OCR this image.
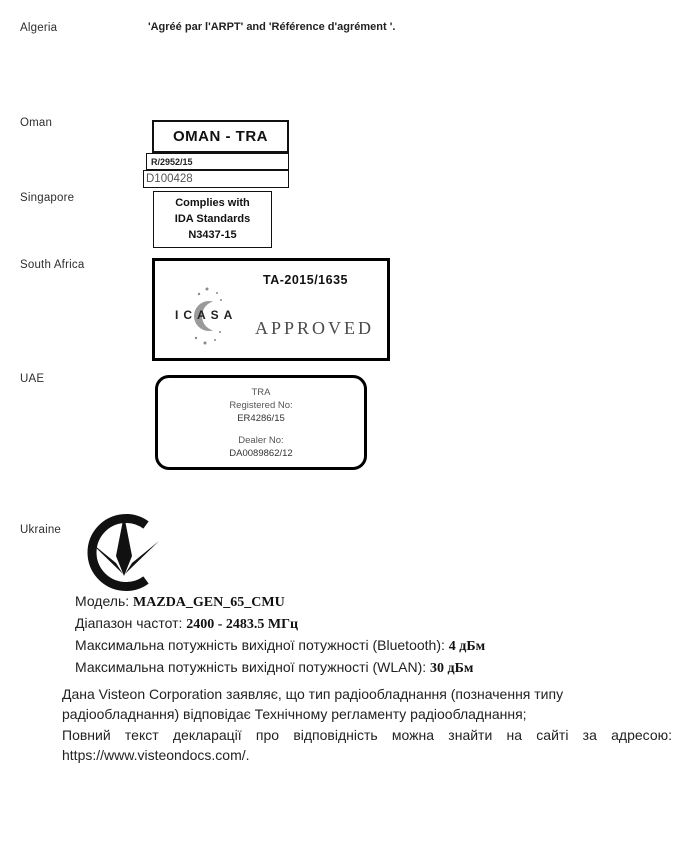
Algeria	'Agréé par l'ARPT' and 'Référence d'agrément '.
Oman
OMAN - TRA
R/2952/15
D100428
Singapore	Complies with
IDA Standards
N3437-15
South Africa
TA-2015/1635
ICASA
APPROVED
UAE
TRA
Registered No:
ER4286/15
Dealer No:
DA0089862/12
Ukraine
Модель: MAZDA_GEN_65_CMU
Діапазон частот: 2400 - 2483.5 МГц
Максимальна потужність вихідної потужності (Bluetooth): 4 дБм
Максимальна потужність вихідної потужності (WLAN): 30 дБм
Дана Visteon Corporation заявляє, що тип радіообладнання (позначення типу
радіообладнання) відповідає Технічному регламенту радіообладнання;
Повний текст декларації про відповідність можна знайти на сайті за адресою:
https://www.visteondocs.com/.
